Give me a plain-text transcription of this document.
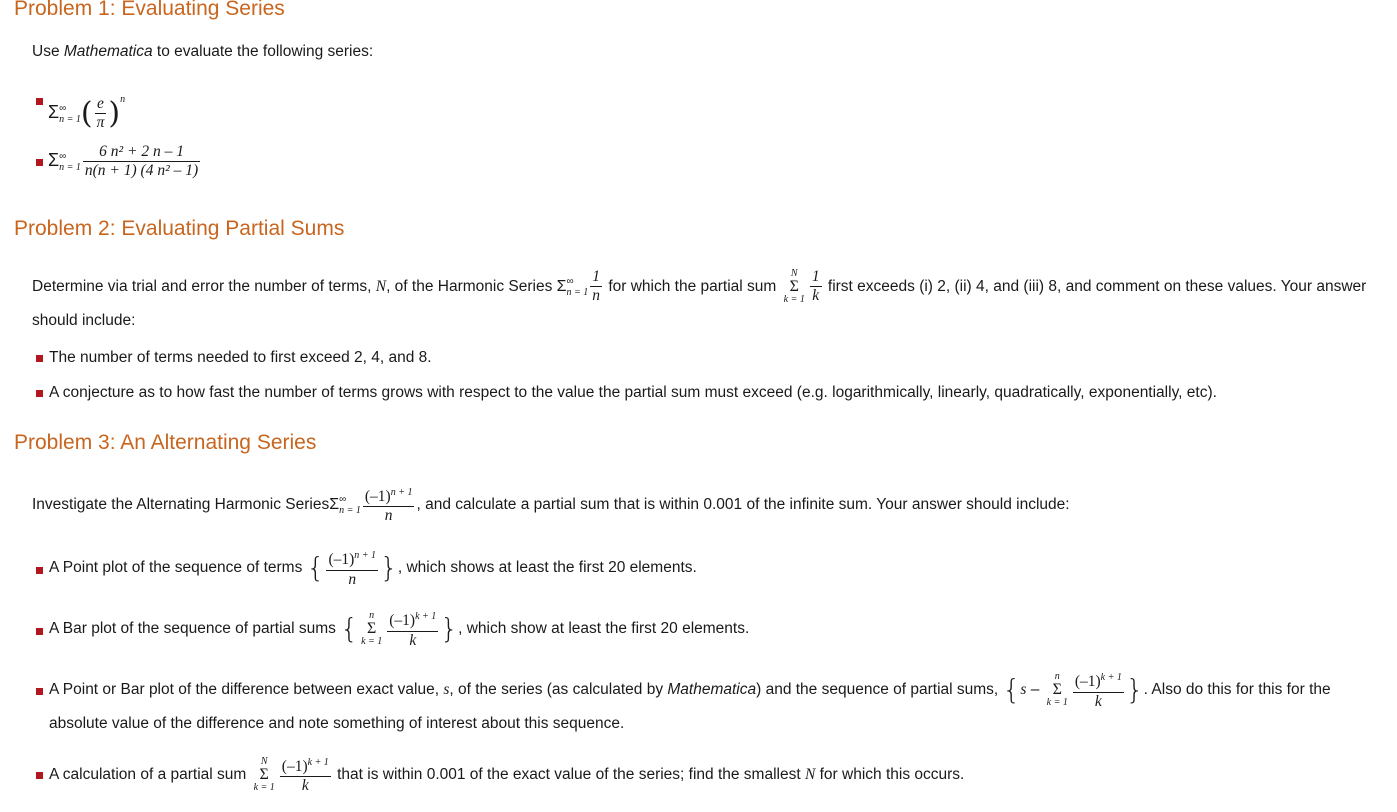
Problem 1: Evaluating Series
Use Mathematica to evaluate the following series:
Σ ∞
n = 1 ( $\frac{e}{\pi} )^n$
Σ ∞
$n = 1 \frac{\text{6 n² + 2 n – 1}}{\text{n(n + 1) (4 n² – 1)}}$
Problem 2: Evaluating Partial Sums
Determine via trial and error the number of terms, N, of the Harmonic Series Σ ∞
$n = 1 \frac{1}{n}$ for which the partial sum N
Σ
$k = 1 \frac{1}{k}$ first exceeds (i) 2, (ii) 4, and (iii) 8, and comment on these values. Your answer
should include:
The number of terms needed to first exceed 2, 4, and 8.
A conjecture as to how fast the number of terms grows with respect to the value the partial sum must exceed (e.g. logarithmically, linearly, quadratically, exponentially, etc).
Problem 3: An Alternating Series
Investigate the Alternating Harmonic SeriesΣ ∞
$n = 1 \frac{(-1)^{n + 1}}{n}$ , and calculate a partial sum that is within 0.001 of the infinite sum. Your answer should include:
A Point plot of the sequence of terms { $\frac{(-1)^{n + 1}}{n}$ }, which shows at least the first 20 elements.
A Bar plot of the sequence of partial sums { n
Σ
$k = 1 \frac{(-1)^{k + 1}}{k}$ }, which show at least the first 20 elements.
A Point or Bar plot of the difference between exact value, s, of the series (as calculated by Mathematica) and the sequence of partial sums, {s – n
Σ
$k = 1 \frac{(-1)^{k + 1}}{k}$ }. Also do this for this for the
absolute value of the difference and note something of interest about this sequence.
A calculation of a partial sum N
Σ
$k = 1 \frac{(-1)^{k + 1}}{k}$ that is within 0.001 of the exact value of the series; find the smallest N for which this occurs.
